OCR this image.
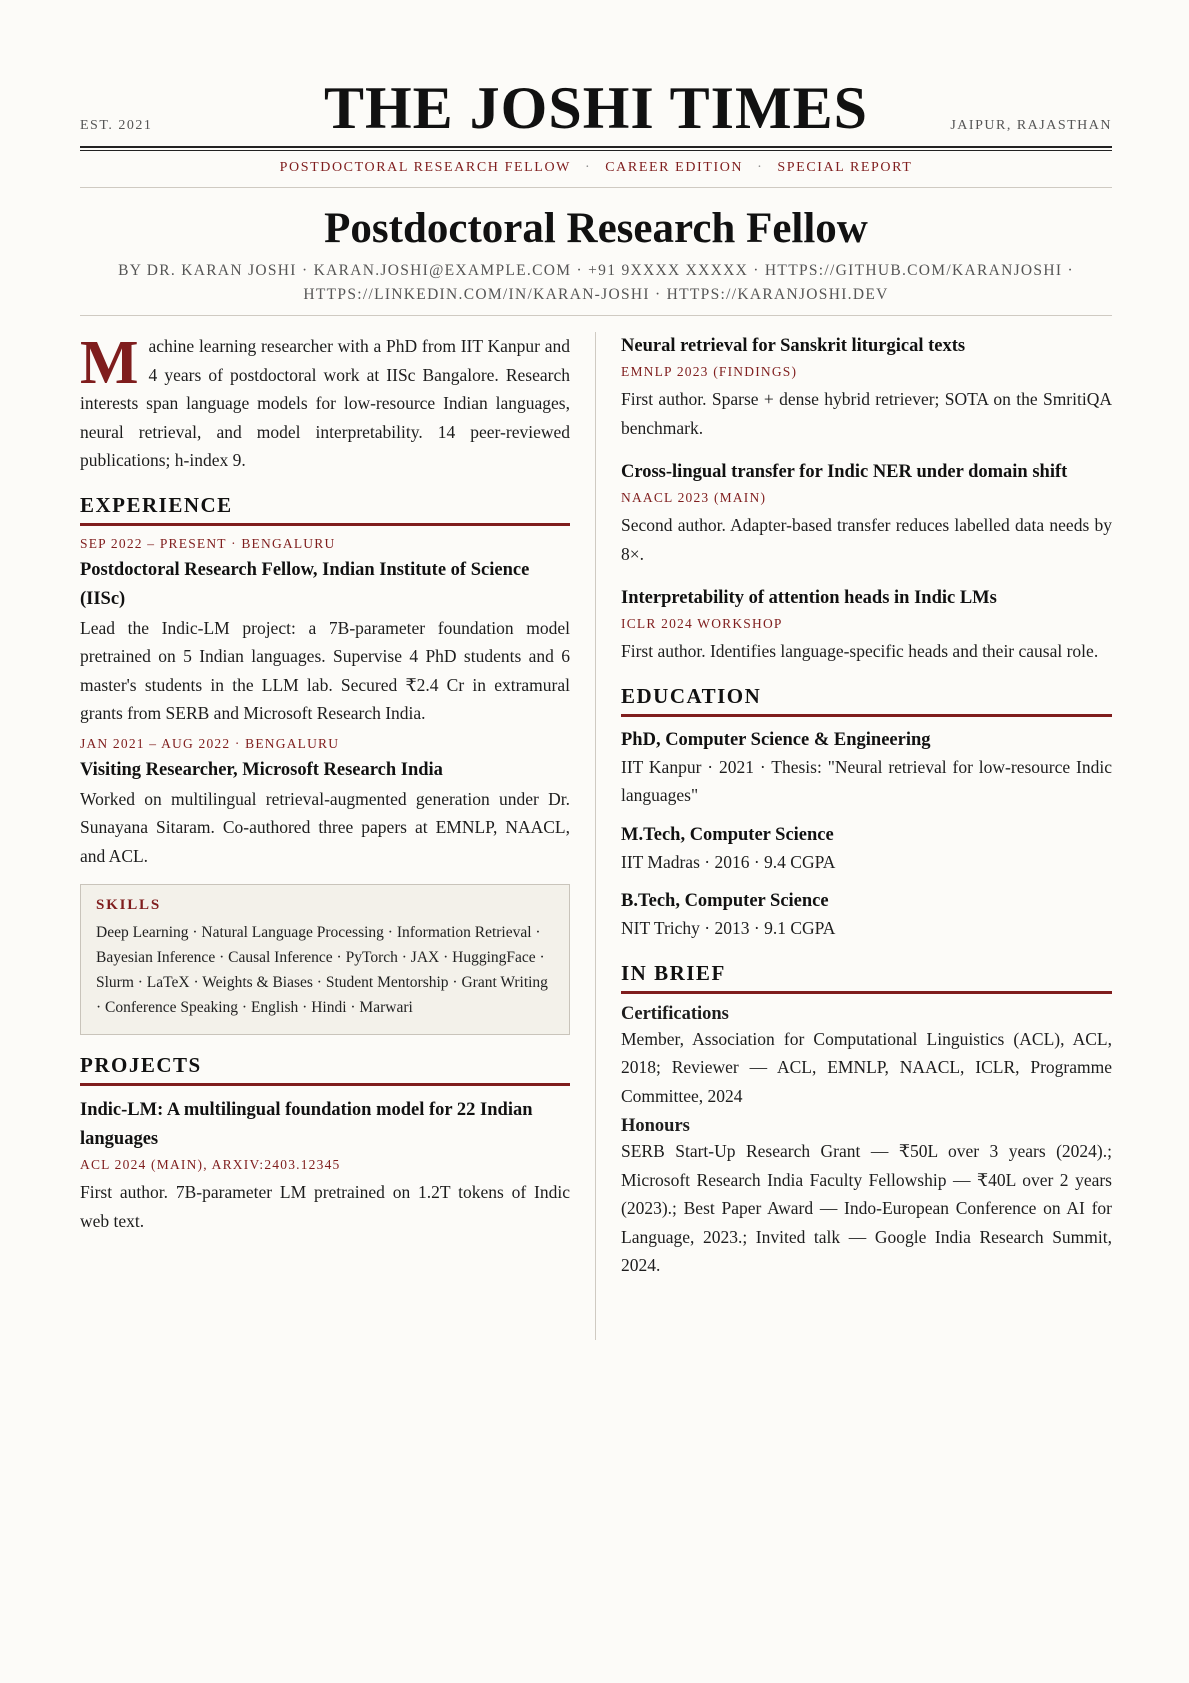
EST. 2021	THE JOSHI TIMES	JAIPUR, RAJASTHAN
POSTDOCTORAL RESEARCH FELLOW · CAREER EDITION · SPECIAL REPORT
Postdoctoral Research Fellow
BY DR. KARAN JOSHI · KARAN.JOSHI@EXAMPLE.COM · +91 9XXXX XXXXX · HTTPS://GITHUB.COM/KARANJOSHI ·
HTTPS://LINKEDIN.COM/IN/KARAN-JOSHI · HTTPS://KARANJOSHI.DEV

Machine learning researcher with a PhD from IIT Kanpur and 4 years of postdoctoral work at IISc Bangalore. Research interests span language models for low-resource Indian languages, neural retrieval, and model interpretability. 14 peer-reviewed publications; h-index 9.

EXPERIENCE
SEP 2022 – PRESENT · BENGALURU
Postdoctoral Research Fellow, Indian Institute of Science (IISc)

Lead the Indic-LM project: a 7B-parameter foundation model pretrained on 5 Indian languages. Supervise 4 PhD students and 6 master's students in the LLM lab. Secured ₹2.4 Cr in extramural grants from SERB and Microsoft Research India.

JAN 2021 – AUG 2022 · BENGALURU
Visiting Researcher, Microsoft Research India

Worked on multilingual retrieval-augmented generation under Dr. Sunayana Sitaram. Co-authored three papers at EMNLP, NAACL, and ACL.

SKILLS
Deep Learning · Natural Language Processing · Information Retrieval · Bayesian Inference · Causal Inference · PyTorch · JAX · HuggingFace · Slurm · LaTeX · Weights & Biases · Student Mentorship · Grant Writing · Conference Speaking · English · Hindi · Marwari
PROJECTS
Indic-LM: A multilingual foundation model for 22 Indian languages
ACL 2024 (MAIN), ARXIV:2403.12345

First author. 7B-parameter LM pretrained on 1.2T tokens of Indic web text.

Neural retrieval for Sanskrit liturgical texts
EMNLP 2023 (FINDINGS)

First author. Sparse + dense hybrid retriever; SOTA on the SmritiQA benchmark.

Cross-lingual transfer for Indic NER under domain shift
NAACL 2023 (MAIN)

Second author. Adapter-based transfer reduces labelled data needs by 8×.

Interpretability of attention heads in Indic LMs
ICLR 2024 WORKSHOP

First author. Identifies language-specific heads and their causal role.

EDUCATION
PhD, Computer Science & Engineering

IIT Kanpur · 2021 · Thesis: "Neural retrieval for low-resource Indic languages"

M.Tech, Computer Science

IIT Madras · 2016 · 9.4 CGPA

B.Tech, Computer Science

NIT Trichy · 2013 · 9.1 CGPA

IN BRIEF
Certifications

Member, Association for Computational Linguistics (ACL), ACL, 2018; Reviewer — ACL, EMNLP, NAACL, ICLR, Programme Committee, 2024

Honours

SERB Start-Up Research Grant — ₹50L over 3 years (2024).; Microsoft Research India Faculty Fellowship — ₹40L over 2 years (2023).; Best Paper Award — Indo-European Conference on AI for Language, 2023.; Invited talk — Google India Research Summit, 2024.
